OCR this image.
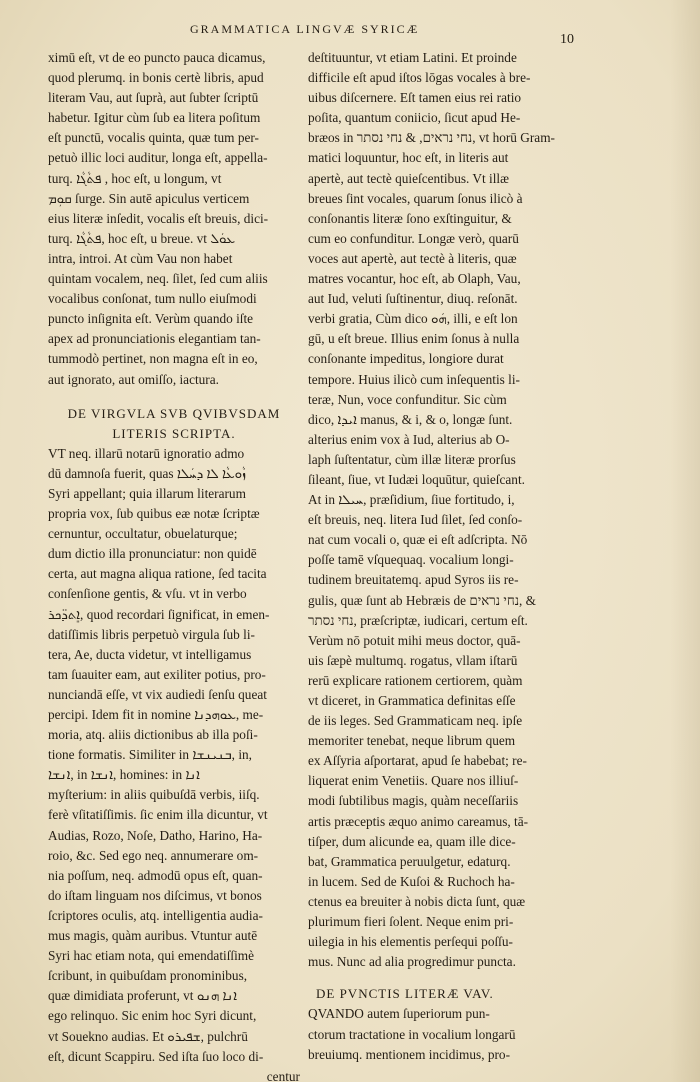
GRAMMATICA LINGVÆ SYRICÆ
10
ximū eſt, vt de eo puncto pauca dicamus,
quod plerumq. in bonis certè libris, apud
literam Vau, aut ſuprà, aut ſubter ſcriptū
habetur. Igitur cùm ſub ea litera poſitum
eſt punctū, vocalis quinta, quæ tum per-
petuò illic loci auditur, longa eſt, appella-
turq. ܦܬܵܓܵܐ , hoc eſt, u longum, vt
ܩܘܼܡ ſurge. Sin autē apiculus verticem
eius literæ inſedit, vocalis eſt breuis, dici-
turq. ܦܬܵܓܵܐ, hoc eſt, u breue. vt ܥܘܿܠ
intra, introi. At cùm Vau non habet
quintam vocalem, neq. ſilet, ſed cum aliis
vocalibus conſonat, tum nullo eiuſmodi
puncto inſignita eſt. Verùm quando iſte
apex ad pronunciationis elegantiam tan-
tummodò pertinet, non magna eſt in eo,
aut ignorato, aut omiſſo, iactura.
DE VIRGVLA SVB QVIBVSDAM
LITERIS SCRIPTA.
VT neq. illarū notarū ignoratio admo
dū damnoſa fuerit, quas ܙܵܘܥܵܐ ܠܐ ܕܚܿܠܐ
Syri appellant; quia illarum literarum
propria vox, ſub quibus eæ notæ ſcriptæ
cernuntur, occultatur, obuelaturque;
dum dictio illa pronunciatur: non quidē
certa, aut magna aliqua ratione, ſed tacita
conſenſione gentis, & vſu. vt in verbo
ܐܸܬܕ̈ܟܪ, quod recordari ſignificat, in emen-
datiſſimis libris perpetuò virgula ſub li-
tera, Ae, ducta videtur, vt intelligamus
tam ſuauiter eam, aut exiliter potius, pro-
nunciandā eſſe, vt vix audiedi ſenſu queat
percipi. Idem fit in nomine ܥܘܗܕܢܐ, me-
moria, atq. aliis dictionibus ab illa poſi-
tione formatis. Similiter in ܒܢܝܢܫܐ, in,
ܐܢܫܐ, in ܐܢܫܐ, homines: in ܐܢܐ
myſterium: in aliis quibuſdā verbis, iiſq.
ferè vſitatiſſimis. ſic enim illa dicuntur, vt
Audias, Rozo, Noſe, Datho, Harino, Ha-
roio, &c. Sed ego neq. annumerare om-
nia poſſum, neq. admodū opus eſt, quan-
do iſtam linguam nos diſcimus, vt bonos
ſcriptores oculis, atq. intelligentia audia-
mus magis, quàm auribus. Vtuntur autē
Syri hac etiam nota, qui emendatiſſimè
ſcribunt, in quibuſdam pronominibus,
quæ dimidiata proferunt, vt ܐܢܐ ܗܢܘ
ego relinquo. Sic enim hoc Syri dicunt,
vt Souekno audias. Et ܫܦܝܪܘ, pulchrū
eſt, dicunt Scappiru. Sed iſta ſuo loco di-
centur
deſtituuntur, vt etiam Latini. Et proinde
difficile eſt apud iſtos lōgas vocales à bre-
uibus diſcernere. Eſt tamen eius rei ratio
poſita, quantum coniicio, ſicut apud He-
bræos in נחי נראים, & נחי נסתר, vt horū Gram-
matici loquuntur, hoc eſt, in literis aut
apertè, aut tectè quieſcentibus. Vt illæ
breues ſint vocales, quarum ſonus ilicò à
conſonantis literæ ſono exſtinguitur, &
cum eo confunditur. Longæ verò, quarū
voces aut apertè, aut tectè à literis, quæ
matres vocantur, hoc eſt, ab Olaph, Vau,
aut Iud, veluti ſuſtinentur, diuq. reſonāt.
verbi gratia, Cùm dico ܗܿܘ, illi, e eſt lon
gū, u eſt breue. Illius enim ſonus à nulla
conſonante impeditus, longiore durat
tempore. Huius ilicò cum inſequentis li-
teræ, Nun, voce confunditur. Sic cùm
dico, ܐܝܕܐ manus, & i, & o, longæ ſunt.
alterius enim vox à Iud, alterius ab O-
laph ſuſtentatur, cùm illæ literæ prorſus
ſileant, ſiue, vt Iudæi loquūtur, quieſcant.
At in ܚܝܠܐ, præſidium, ſiue fortitudo, i,
eſt breuis, neq. litera Iud ſilet, ſed conſo-
nat cum vocali o, quæ ei eſt adſcripta. Nō
poſſe tamē vſquequaq. vocalium longi-
tudinem breuitatemq. apud Syros iis re-
gulis, quæ ſunt ab Hebræis de נחי נראים, &
נחי נסתר, præſcriptæ, iudicari, certum eſt.
Verùm nō potuit mihi meus doctor, quā-
uis ſæpè multumq. rogatus, vllam iſtarū
rerū explicare rationem certiorem, quàm
vt diceret, in Grammatica definitas eſſe
de iis leges. Sed Grammaticam neq. ipſe
memoriter tenebat, neque librum quem
ex Aſſyria aſportarat, apud ſe habebat; re-
liquerat enim Venetiis. Quare nos illiuſ-
modi ſubtilibus magis, quàm neceſſariis
artis præceptis æquo animo careamus, tā-
tiſper, dum alicunde ea, quam ille dice-
bat, Grammatica peruulgetur, edaturq.
in lucem. Sed de Kuſoi & Ruchoch ha-
ctenus ea breuiter à nobis dicta ſunt, quæ
plurimum fieri ſolent. Neque enim pri-
uilegia in his elementis perſequi poſſu-
mus. Nunc ad alia progredimur puncta.
DE PVNCTIS LITERÆ VAV.
QVANDO autem ſuperiorum pun-
ctorum tractatione in vocalium longarū
breuiumq. mentionem incidimus, pro-
